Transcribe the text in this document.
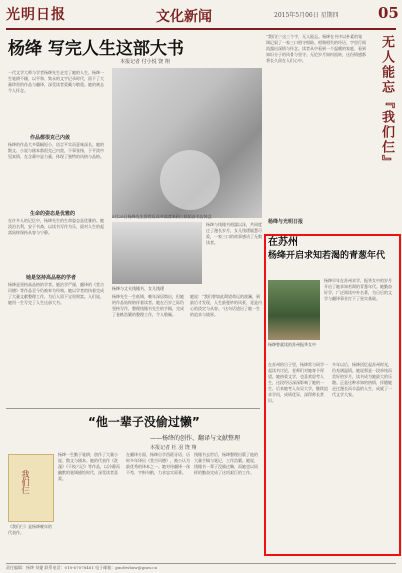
光明日报	文化新闻	2015年5月06日 星期四	05
杨绛 写完人生这部大书
本报记者 付小悦 饶 翔
一代文学大师与学者杨绛先生走完了她的人生。杨绛一生笔耕不辍，以平和、隽永的文字记录时代，留下了大量珍贵的作品与翻译，深受读者爱戴与敬重。她的离去令人怀念。
作品都很克己内敛
杨绛的作品大多篇幅短小，语言平实而意味深长。她的散文、小说与剧本都很克己内敛，不事张扬，于平淡中见真情，在含蓄中显力量，体现了独特的风格与品格。
生命的姿态是优雅的
在许多人的记忆中，杨绛先生的生命姿态是优雅的。她淡泊名利，安于书斋，以读书写作为乐，面对人生的起落始终保持从容与宁静。
她是坚持高品格的学者
杨绛是坚持高品格的学者。她治学严谨，翻译的《堂吉诃德》等作品至今仍被奉为经典。她以学者的执着完成了大量文献整理工作，为后人留下宝贵财富。人们说，她用一生写完了人生这部大书。
5月25日杨绛先生辞世后众多读者来到三联韬奋书店悼念
杨绛与丈夫钱锺书、女儿钱瑗
杨绛与钱锺书相濡以沫，共同度过了漫长岁月，女儿钱瑗聪慧可爱，一家三口的故事感动了无数读者。
杨绛先生一生低调，晚年深居简出，但她的作品始终陪伴着读者。她在百岁之际仍坚持写作，整理钱锺书先生的手稿，完成了卷帙浩繁的整理工作，令人敬佩。
她说：“我们曾如此渴望命运的波澜，到最后才发现，人生最曼妙的风景，竟是内心的淡定与从容。”这句话道出了她一生的追求与境界。
无人能忘『我们仨』
“我们仨”这三个字，无人能忘。杨绛在书中以朴素的笔调记叙了一家三口相守相助、相聚相失的经历，字里行间流露出深情与怀念。读者从中看到一个温暖的家庭，看到知识分子的风骨与坚守。无论岁月如何流转，这份情感都将长久留在人们心中。
杨绛与光明日报
在苏州
杨绛开启求知若渴的青葱年代
杨绛曾就读的苏州振华女中
杨绛早年在苏州求学，振华女中的岁月开启了她求知若渴的青葱年代。她勤奋好学，广泛阅读中外名著，为日后的文学与翻译事业打下了坚实基础。
在苏州的日子里，杨绛常与同学一起读书讨论，老师们对她寄予厚望。她热爱文学，也喜欢思考人生，这段经历深深影响了她的一生。后来她考入东吴大学，继续追求学问，成绩优异，深得师长赏识。
多年以后，杨绛回忆起苏州时光，仍充满温情。她说那是一段单纯而美好的岁月，读书成为她最大的乐趣。正是这种求知的热情，伴随她走过漫长而丰盈的人生，成就了一代文学大家。
“他一辈子没偷过懒”
——杨绛的创作、翻译与文献整理
本报记者 杜 羽 饶 翔
我们仨
《我们仨》是杨绛晚年的代表作。
杨绛一生勤于笔耕，创作了大量小说、散文与剧本。她的代表作《洗澡》《干校六记》等作品，以冷静而幽默的笔调描绘时代，深受读者喜爱。
在翻译方面，杨绛自学西班牙语，历时多年译出《堂吉诃德》，被公认为最优秀的译本之一。她对待翻译一丝不苟，字斟句酌，力求忠实原著。
钱锺书去世后，杨绛整理出版了他的大量手稿与笔记，工作浩繁。她说，钱锺书一辈子没偷过懒，而她也以同样的勤奋完成了这项艰巨的工作。
责任编辑：杨绛 刘捷 联系电话：010-67078461 电子邮箱：gmrbwhxw@gmw.cn
